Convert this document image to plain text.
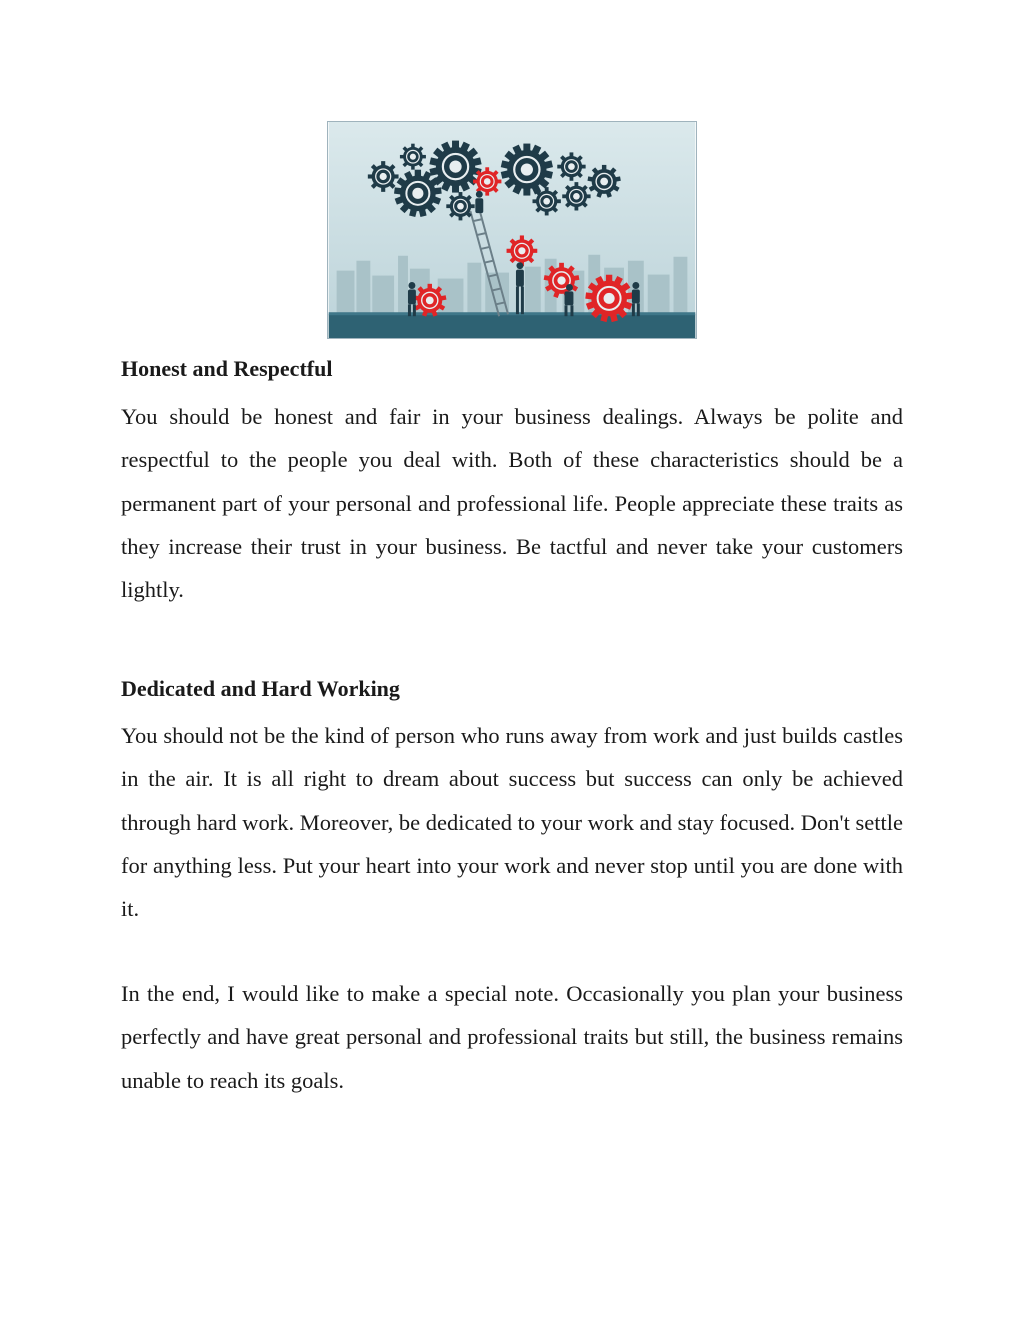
Honest and Respectful

You should be honest and fair in your business dealings. Always be polite and respectful to the people you deal with. Both of these characteristics should be a permanent part of your personal and professional life. People appreciate these traits as they increase their trust in your business. Be tactful and never take your customers lightly.

Dedicated and Hard Working

You should not be the kind of person who runs away from work and just builds castles in the air. It is all right to dream about success but success can only be achieved through hard work. Moreover, be dedicated to your work and stay focused. Don't settle for anything less. Put your heart into your work and never stop until you are done with it.

In the end, I would like to make a special note. Occasionally you plan your business perfectly and have great personal and professional traits but still, the business remains unable to reach its goals.
